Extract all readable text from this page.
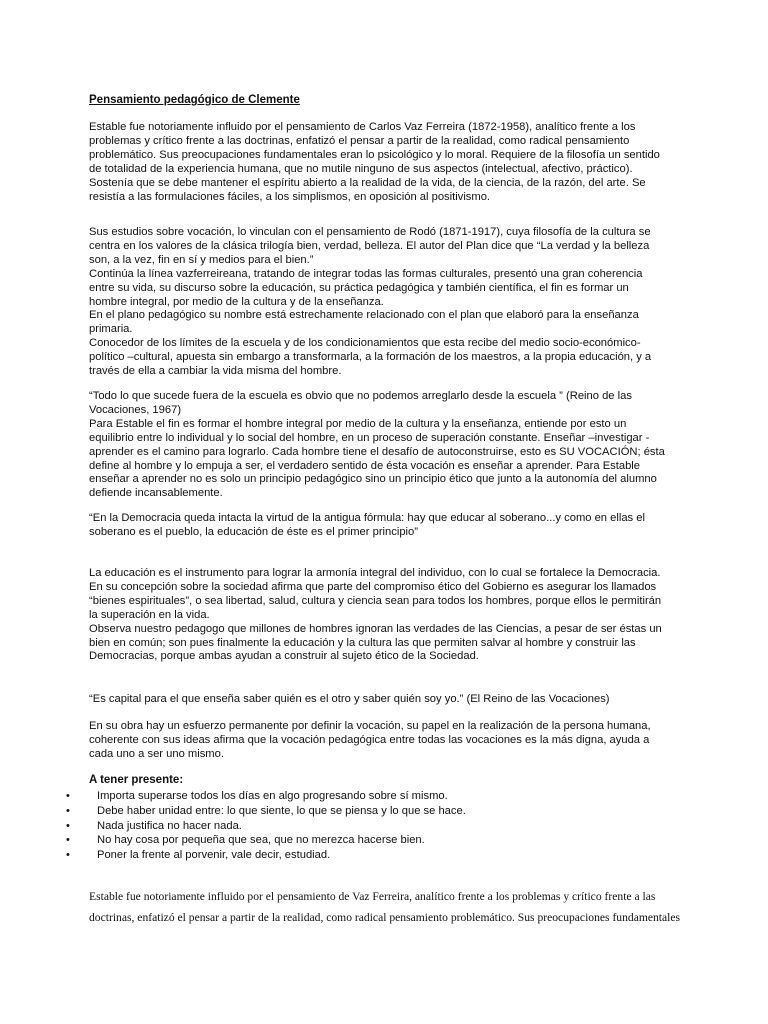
Pensamiento pedagógico de Clemente

Estable fue notoriamente influido por el pensamiento de Carlos Vaz Ferreira (1872-1958), analítico frente a los
problemas y crítico frente a las doctrinas, enfatizó el pensar a partir de la realidad, como radical pensamiento
problemático. Sus preocupaciones fundamentales eran lo psicológico y lo moral. Requiere de la filosofía un sentido
de totalidad de la experiencia humana, que no mutile ninguno de sus aspectos (intelectual, afectivo, práctico).
Sostenía que se debe mantener el espíritu abierto a la realidad de la vida, de la ciencia, de la razón, del arte. Se
resistía a las formulaciones fáciles, a los simplismos, en oposición al positivismo.

Sus estudios sobre vocación, lo vinculan con el pensamiento de Rodó (1871-1917), cuya filosofía de la cultura se
centra en los valores de la clásica trilogía bien, verdad, belleza. El autor del Plan dice que “La verdad y la belleza
son, a la vez, fin en sí y medios para el bien.”
Continúa la línea vazferreireana, tratando de integrar todas las formas culturales, presentó una gran coherencia
entre su vida, su discurso sobre la educación, su práctica pedagógica y también científica, el fin es formar un
hombre integral, por medio de la cultura y de la enseñanza.
En el plano pedagógico su nombre está estrechamente relacionado con el plan que elaboró para la enseñanza
primaria.
Conocedor de los límites de la escuela y de los condicionamientos que esta recibe del medio socio-económico-
político –cultural, apuesta sin embargo a transformarla, a la formación de los maestros, a la propia educación, y a
través de ella a cambiar la vida misma del hombre.

“Todo lo que sucede fuera de la escuela es obvio que no podemos arreglarlo desde la escuela ” (Reino de las
Vocaciones, 1967)
Para Estable el fin es formar el hombre integral por medio de la cultura y la enseñanza, entiende por esto un
equilibrio entre lo individual y lo social del hombre, en un proceso de superación constante. Enseñar –investigar -
aprender es el camino para lograrlo. Cada hombre tiene el desafío de autoconstruirse, esto es SU VOCACIÓN; ésta
define al hombre y lo empuja a ser, el verdadero sentido de ésta vocación es enseñar a aprender. Para Estable
enseñar a aprender no es solo un principio pedagógico sino un principio ético que junto a la autonomía del alumno
defiende incansablemente.

“En la Democracia queda intacta la virtud de la antigua fórmula: hay que educar al soberano...y como en ellas el
soberano es el pueblo, la educación de éste es el primer principio”

La educación es el instrumento para lograr la armonía integral del individuo, con lo cual se fortalece la Democracia.
En su concepción sobre la sociedad afirma que parte del compromiso ético del Gobierno es asegurar los llamados
“bienes espirituales”, o sea libertad, salud, cultura y ciencia sean para todos los hombres, porque ellos le permitirán
la superación en la vida.
Observa nuestro pedagogo que millones de hombres ignoran las verdades de las Ciencias, a pesar de ser éstas un
bien en común; son pues finalmente la educación y la cultura las que permiten salvar al hombre y construir las
Democracias, porque ambas ayudan a construir al sujeto ético de la Sociedad.

“Es capital para el que enseña saber quién es el otro y saber quién soy yo.” (El Reino de las Vocaciones)

En su obra hay un esfuerzo permanente por definir la vocación, su papel en la realización de la persona humana,
coherente con sus ideas afirma que la vocación pedagógica entre todas las vocaciones es la más digna, ayuda a
cada uno a ser uno mismo.

A tener presente:
• Importa superarse todos los días en algo progresando sobre sí mismo.
• Debe haber unidad entre: lo que siente, lo que se piensa y lo que se hace.
• Nada justifica no hacer nada.
• No hay cosa por pequeña que sea, que no merezca hacerse bien.
• Poner la frente al porvenir, vale decir, estudiad.

Estable fue notoriamente influido por el pensamiento de Vaz Ferreira, analítico frente a los problemas y crítico frente a las
doctrinas, enfatizó el pensar a partir de la realidad, como radical pensamiento problemático. Sus preocupaciones fundamentales
